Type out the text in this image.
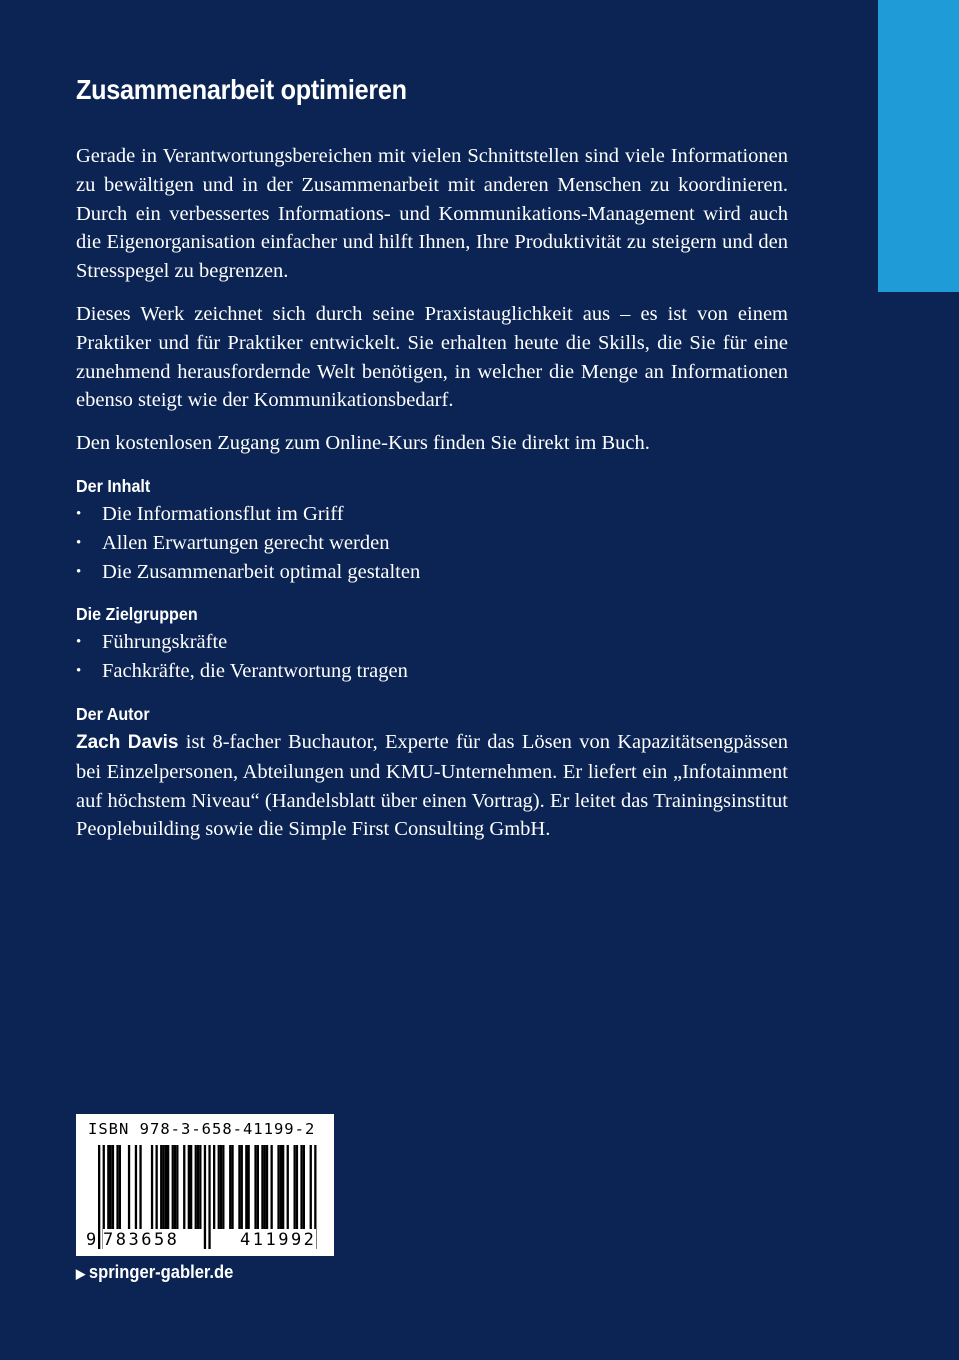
Zusammenarbeit optimieren

Gerade in Verantwortungsbereichen mit vielen Schnittstellen sind viele Informationen zu bewältigen und in der Zusammenarbeit mit anderen Menschen zu koordinieren. Durch ein verbessertes Informations- und Kommunikations-Management wird auch die Eigenorganisation einfacher und hilft Ihnen, Ihre Produktivität zu steigern und den Stresspegel zu begrenzen.

Dieses Werk zeichnet sich durch seine Praxistauglichkeit aus – es ist von einem Praktiker und für Praktiker entwickelt. Sie erhalten heute die Skills, die Sie für eine zunehmend herausfordernde Welt benötigen, in welcher die Menge an Informationen ebenso steigt wie der Kommunikationsbedarf.

Den kostenlosen Zugang zum Online-Kurs finden Sie direkt im Buch.

Der Inhalt
• Die Informationsflut im Griff
• Allen Erwartungen gerecht werden
• Die Zusammenarbeit optimal gestalten
Die Zielgruppen
• Führungskräfte
• Fachkräfte, die Verantwortung tragen
Der Autor

Zach Davis ist 8-facher Buchautor, Experte für das Lösen von Kapazitätsengpässen bei Einzelpersonen, Abteilungen und KMU-Unternehmen. Er liefert ein „Infotainment auf höchstem Niveau“ (Handelsblatt über einen Vortrag). Er leitet das Trainingsinstitut Peoplebuilding sowie die Simple First Consulting GmbH.

ISBN 978-3-658-41199-2
9 783658	411992
▶ springer-gabler.de
